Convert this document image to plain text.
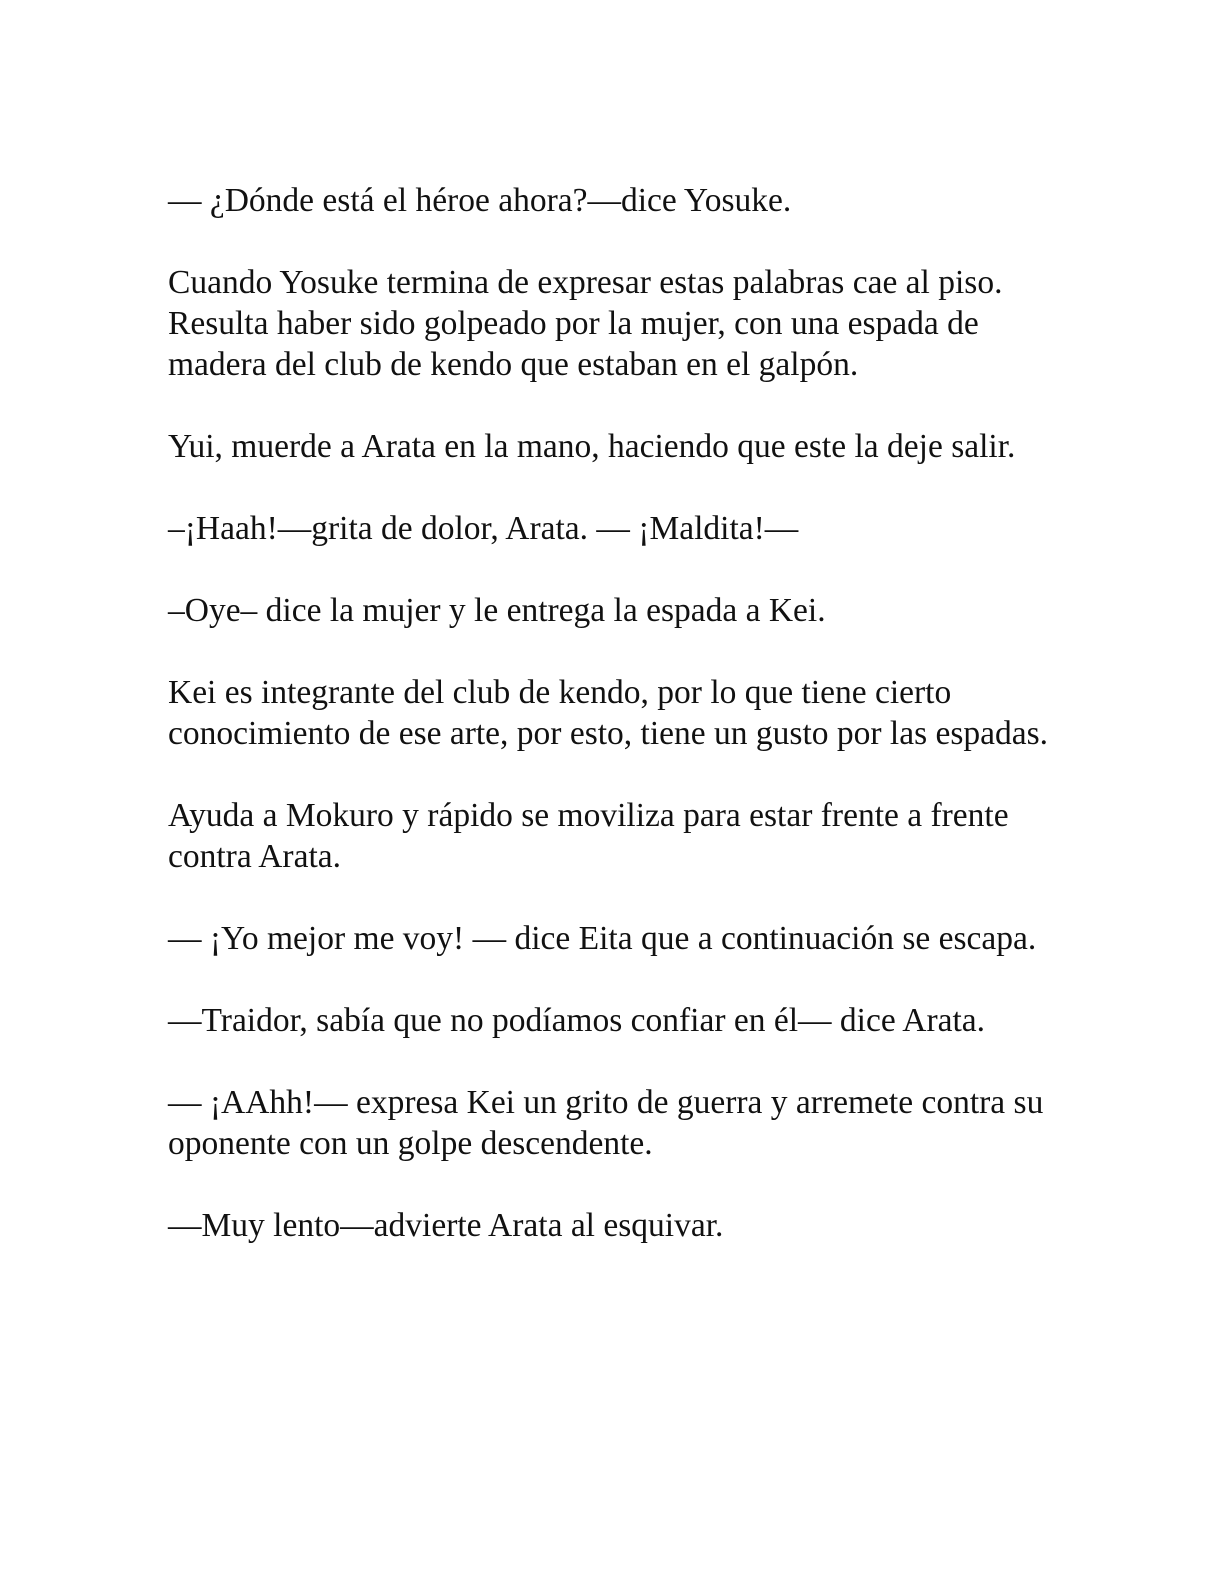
— ¿Dónde está el héroe ahora?—dice Yosuke.

Cuando Yosuke termina de expresar estas palabras cae al piso. Resulta haber sido golpeado por la mujer, con una espada de madera del club de kendo que estaban en el galpón.

Yui, muerde a Arata en la mano, haciendo que este la deje salir.

–¡Haah!—grita de dolor, Arata. — ¡Maldita!—

–Oye– dice la mujer y le entrega la espada a Kei.

Kei es integrante del club de kendo, por lo que tiene cierto conocimiento de ese arte, por esto, tiene un gusto por las espadas.

Ayuda a Mokuro y rápido se moviliza para estar frente a frente contra Arata.

— ¡Yo mejor me voy! — dice Eita que a continuación se escapa.

—Traidor, sabía que no podíamos confiar en él— dice Arata.

— ¡AAhh!— expresa Kei un grito de guerra y arremete contra su oponente con un golpe descendente.

—Muy lento—advierte Arata al esquivar.
